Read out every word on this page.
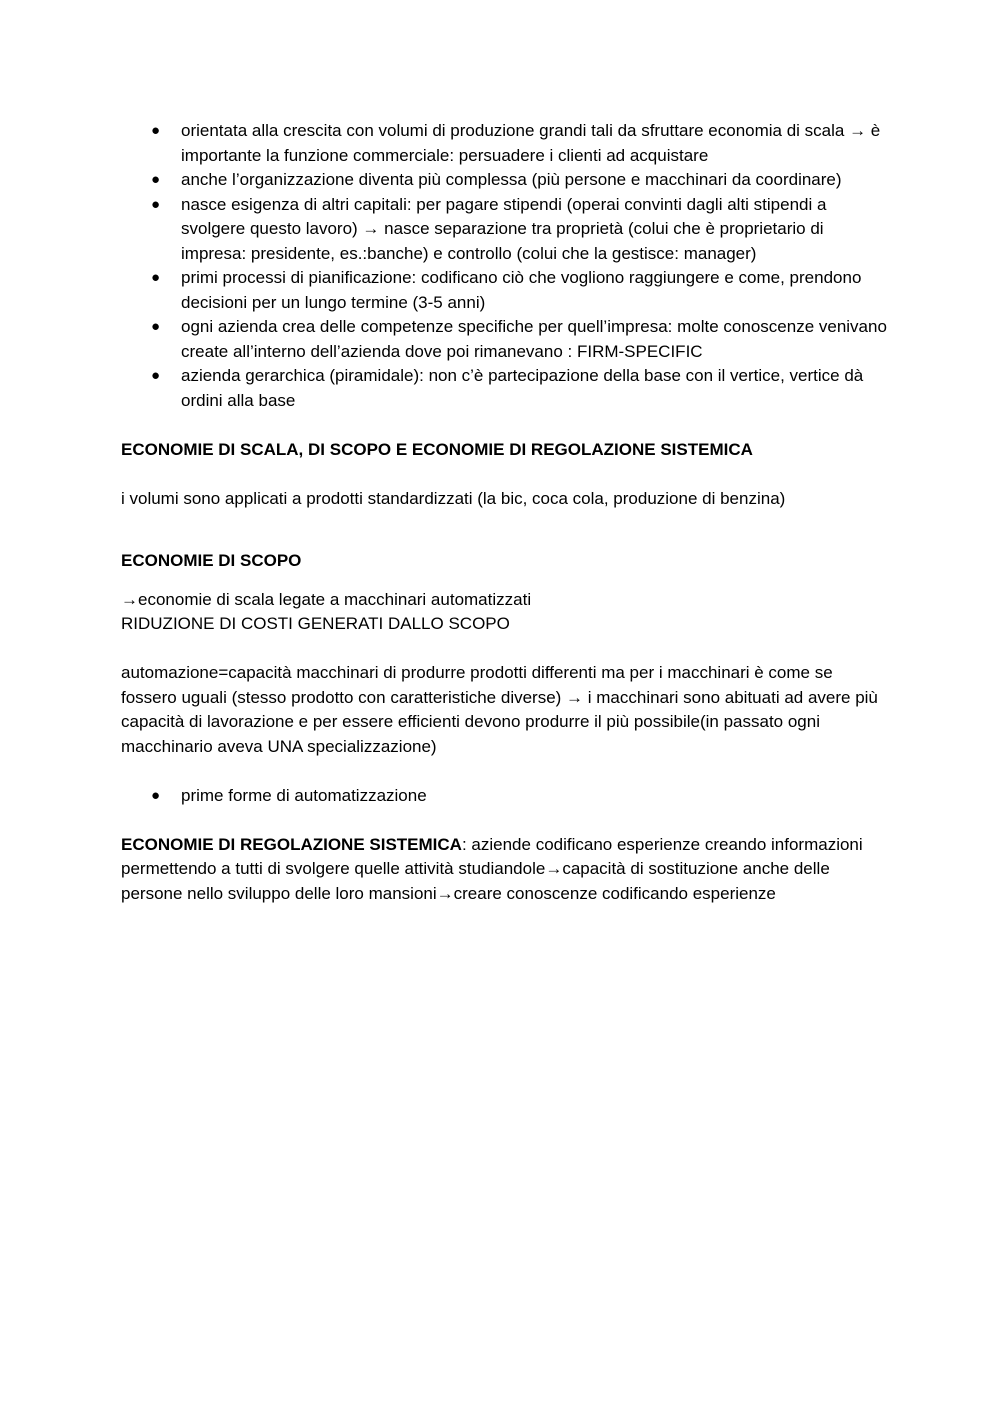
● orientata alla crescita con volumi di produzione grandi tali da sfruttare economia di scala → è importante la funzione commerciale: persuadere i clienti ad acquistare
● anche l’organizzazione diventa più complessa (più persone e macchinari da coordinare)
● nasce esigenza di altri capitali: per pagare stipendi (operai convinti dagli alti stipendi a svolgere questo lavoro) → nasce separazione tra proprietà (colui che è proprietario di impresa: presidente, es.:banche) e controllo (colui che la gestisce: manager)
● primi processi di pianificazione: codificano ciò che vogliono raggiungere e come, prendono decisioni per un lungo termine (3-5 anni)
● ogni azienda crea delle competenze specifiche per quell’impresa: molte conoscenze venivano create all’interno dell’azienda dove poi rimanevano : FIRM-SPECIFIC
● azienda gerarchica (piramidale): non c’è partecipazione della base con il vertice, vertice dà ordini alla base

ECONOMIE DI SCALA, DI SCOPO E ECONOMIE DI REGOLAZIONE SISTEMICA

i volumi sono applicati a prodotti standardizzati (la bic, coca cola, produzione di benzina)

ECONOMIE DI SCOPO

→economie di scala legate a macchinari automatizzati

RIDUZIONE DI COSTI GENERATI DALLO SCOPO

automazione=capacità macchinari di produrre prodotti differenti ma per i macchinari è come se fossero uguali (stesso prodotto con caratteristiche diverse) → i macchinari sono abituati ad avere più capacità di lavorazione e per essere efficienti devono produrre il più possibile(in passato ogni macchinario aveva UNA specializzazione)

● prime forme di automatizzazione

ECONOMIE DI REGOLAZIONE SISTEMICA: aziende codificano esperienze creando informazioni permettendo a tutti di svolgere quelle attività studiandole→capacità di sostituzione anche delle persone nello sviluppo delle loro mansioni→creare conoscenze codificando esperienze
